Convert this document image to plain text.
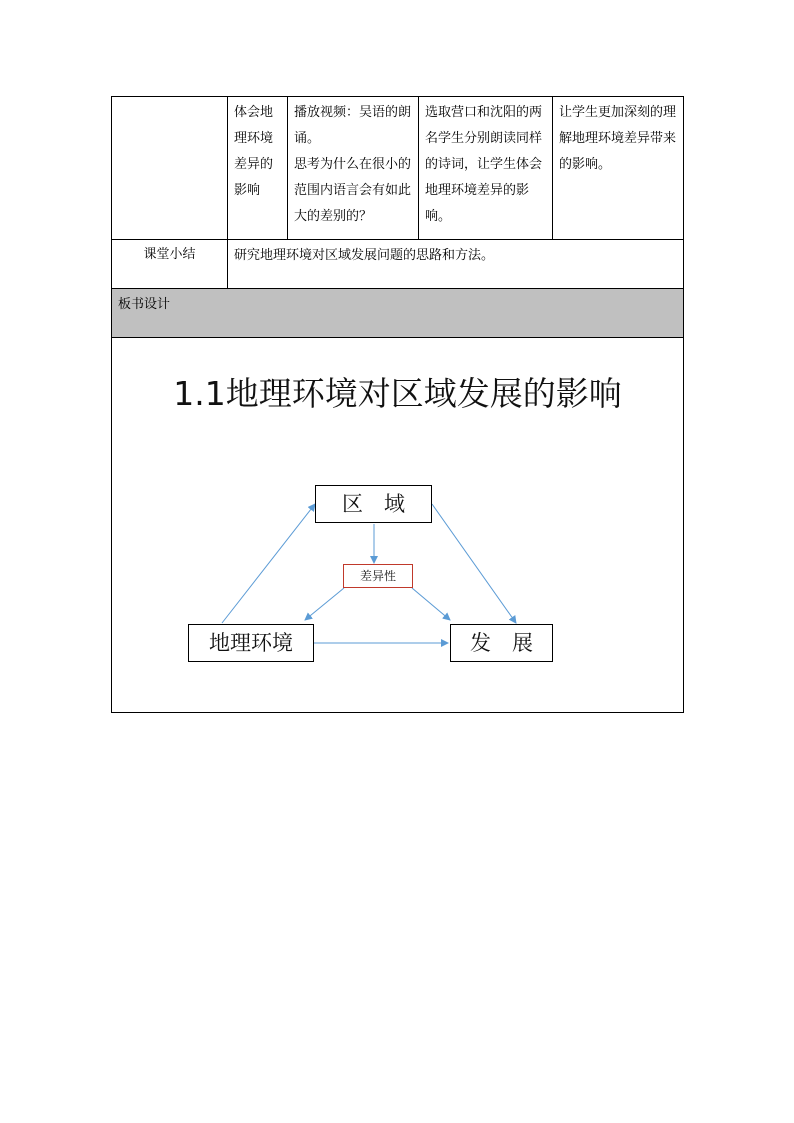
	体会地理环境差异的影响	播放视频：吴语的朗诵。
思考为什么在很小的范围内语言会有如此大的差别的？	选取营口和沈阳的两名学生分别朗读同样的诗词，让学生体会地理环境差异的影响。	让学生更加深刻的理解地理环境差异带来的影响。
课堂小结	研究地理环境对区域发展问题的思路和方法。			
板书设计				

1.1地理环境对区域发展的影响
区　域
差异性
地理环境 发　展				
